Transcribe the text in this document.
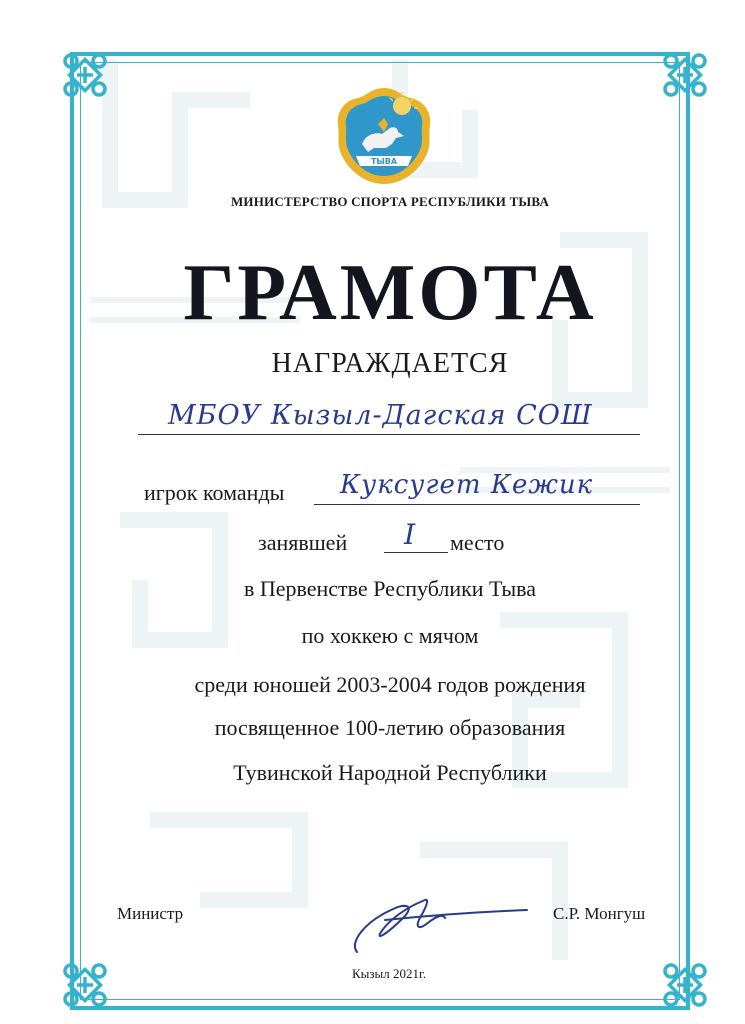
ТЫВА
МИНИСТЕРСТВО СПОРТА РЕСПУБЛИКИ ТЫВА
ГРАМОТА
НАГРАЖДАЕТСЯ
МБОУ Кызыл-Дагская СОШ
игрок команды Куксугет Кежик
занявшей I место
в Первенстве Республики Тыва
по хоккею с мячом
среди юношей 2003-2004 годов рождения
посвященное 100-летию образования
Тувинской Народной Республики
Министр	С.Р. Монгуш
Кызыл 2021г.
